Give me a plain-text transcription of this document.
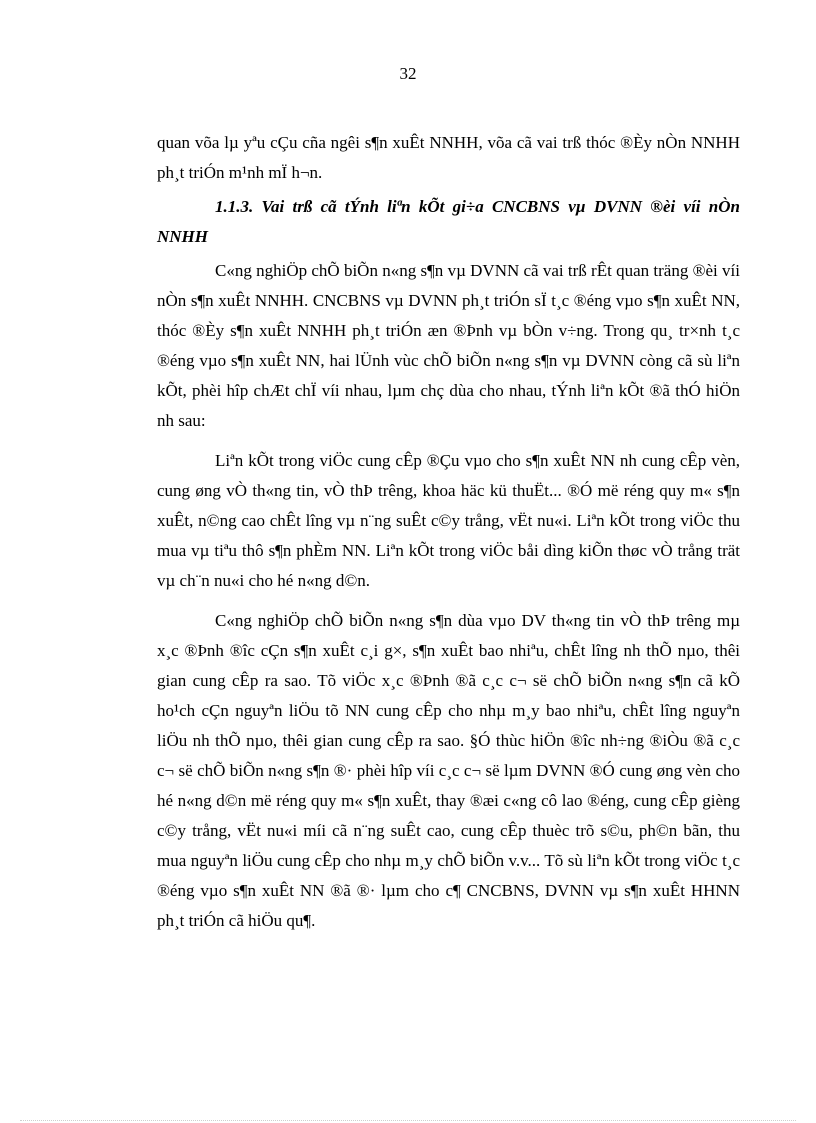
32

quan võa lµ yªu cÇu cña ngêi s¶n xuÊt NNHH, võa cã vai trß thóc ®Èy nÒn NNHH ph¸t triÓn m¹nh mÏ h¬n.

1.1.3. Vai trß cã tÝnh liªn kÕt gi÷a CNCBNS vµ DVNN ®èi víi nÒn NNHH

C«ng nghiÖp chÕ biÕn n«ng s¶n vµ DVNN cã vai trß rÊt quan träng ®èi víi nÒn s¶n xuÊt NNHH. CNCBNS vµ DVNN ph¸t triÓn sÏ t¸c ®éng vµo s¶n xuÊt NN, thóc ®Èy s¶n xuÊt NNHH ph¸t triÓn æn ®Þnh vµ bÒn v÷ng. Trong qu¸ tr×nh t¸c ®éng vµo s¶n xuÊt NN, hai lÜnh vùc chÕ biÕn n«ng s¶n vµ DVNN còng cã sù liªn kÕt, phèi hîp chÆt chÏ víi nhau, lµm chç dùa cho nhau, tÝnh liªn kÕt ®ã thÓ hiÖn nh sau:

Liªn kÕt trong viÖc cung cÊp ®Çu vµo cho s¶n xuÊt NN nh cung cÊp vèn, cung øng vÒ th«ng tin, vÒ thÞ trêng, khoa häc kü thuËt... ®Ó më réng quy m« s¶n xuÊt, n©ng cao chÊt lîng vµ n¨ng suÊt c©y trång, vËt nu«i. Liªn kÕt trong viÖc thu mua vµ tiªu thô s¶n phÈm NN. Liªn kÕt trong viÖc båi dìng kiÕn thøc vÒ trång trät vµ ch¨n nu«i cho hé n«ng d©n.

C«ng nghiÖp chÕ biÕn n«ng s¶n dùa vµo DV th«ng tin vÒ thÞ trêng mµ x¸c ®Þnh ®îc cÇn s¶n xuÊt c¸i g×, s¶n xuÊt bao nhiªu, chÊt lîng nh thÕ nµo, thêi gian cung cÊp ra sao. Tõ viÖc x¸c ®Þnh ®ã c¸c c¬ së chÕ biÕn n«ng s¶n cã kÕ ho¹ch cÇn nguyªn liÖu tõ NN cung cÊp cho nhµ m¸y bao nhiªu, chÊt lîng nguyªn liÖu nh thÕ nµo, thêi gian cung cÊp ra sao. §Ó thùc hiÖn ®îc nh÷ng ®iÒu ®ã c¸c c¬ së chÕ biÕn n«ng s¶n ®· phèi hîp víi c¸c c¬ së lµm DVNN ®Ó cung øng vèn cho hé n«ng d©n më réng quy m« s¶n xuÊt, thay ®æi c«ng cô lao ®éng, cung cÊp gièng c©y trång, vËt nu«i míi cã n¨ng suÊt cao, cung cÊp thuèc trõ s©u, ph©n bãn, thu mua nguyªn liÖu cung cÊp cho nhµ m¸y chÕ biÕn v.v... Tõ sù liªn kÕt trong viÖc t¸c ®éng vµo s¶n xuÊt NN ®ã ®· lµm cho c¶ CNCBNS, DVNN vµ s¶n xuÊt HHNN ph¸t triÓn cã hiÖu qu¶.
